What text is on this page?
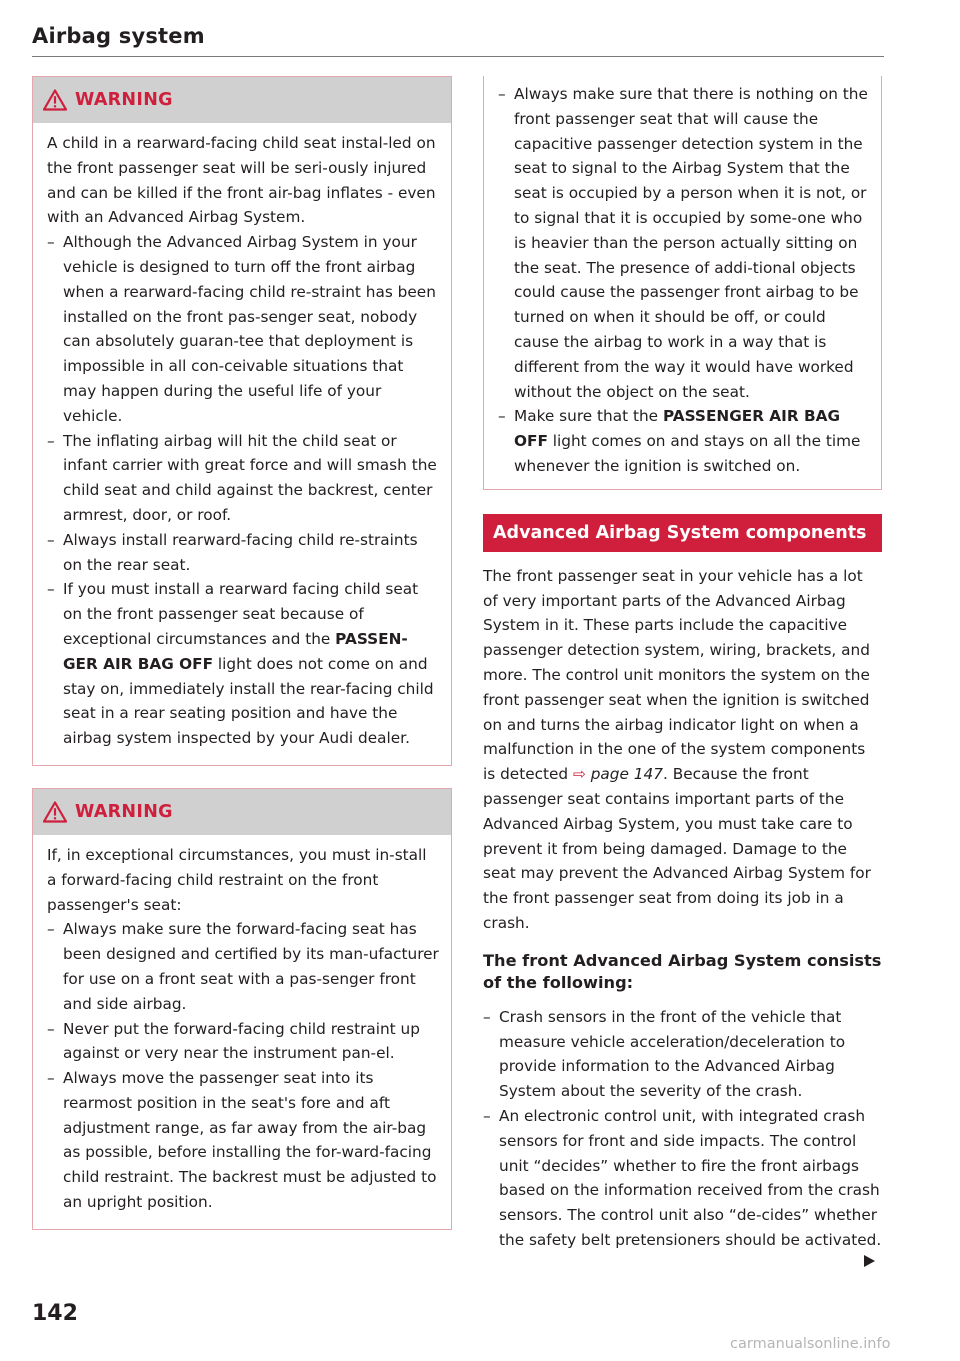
Airbag system
WARNING

A child in a rearward-facing child seat instal-led on the front passenger seat will be seri-ously injured and can be killed if the front air-bag inflates - even with an Advanced Airbag System.

– Although the Advanced Airbag System in your vehicle is designed to turn off the front airbag when a rearward-facing child re-straint has been installed on the front pas-senger seat, nobody can absolutely guaran-tee that deployment is impossible in all con-ceivable situations that may happen during the useful life of your vehicle.
– The inflating airbag will hit the child seat or infant carrier with great force and will smash the child seat and child against the backrest, center armrest, door, or roof.
– Always install rearward-facing child re-straints on the rear seat.
– If you must install a rearward facing child seat on the front passenger seat because of exceptional circumstances and the PASSEN-GER AIR BAG OFF light does not come on and stay on, immediately install the rear-facing child seat in a rear seating position and have the airbag system inspected by your Audi dealer.
WARNING

If, in exceptional circumstances, you must in-stall a forward-facing child restraint on the front passenger's seat:

– Always make sure the forward-facing seat has been designed and certified by its man-ufacturer for use on a front seat with a pas-senger front and side airbag.
– Never put the forward-facing child restraint up against or very near the instrument pan-el.
– Always move the passenger seat into its rearmost position in the seat's fore and aft adjustment range, as far away from the air-bag as possible, before installing the for-ward-facing child restraint. The backrest must be adjusted to an upright position.
– Always make sure that there is nothing on the front passenger seat that will cause the capacitive passenger detection system in the seat to signal to the Airbag System that the seat is occupied by a person when it is not, or to signal that it is occupied by some-one who is heavier than the person actually sitting on the seat. The presence of addi-tional objects could cause the passenger front airbag to be turned on when it should be off, or could cause the airbag to work in a way that is different from the way it would have worked without the object on the seat.
– Make sure that the PASSENGER AIR BAG OFF light comes on and stays on all the time whenever the ignition is switched on.
Advanced Airbag System components

The front passenger seat in your vehicle has a lot of very important parts of the Advanced Airbag System in it. These parts include the capacitive passenger detection system, wiring, brackets, and more. The control unit monitors the system on the front passenger seat when the ignition is switched on and turns the airbag indicator light on when a malfunction in the one of the system components is detected ⇨ page 147. Because the front passenger seat contains important parts of the Advanced Airbag System, you must take care to prevent it from being damaged. Damage to the seat may prevent the Advanced Airbag System for the front passenger seat from doing its job in a crash.

The front Advanced Airbag System consists of the following:

– Crash sensors in the front of the vehicle that measure vehicle acceleration/deceleration to provide information to the Advanced Airbag System about the severity of the crash.
– An electronic control unit, with integrated crash sensors for front and side impacts. The control unit “decides” whether to fire the front airbags based on the information received from the crash sensors. The control unit also “de-cides” whether the safety belt pretensioners should be activated.
142
carmanualsonline.info
